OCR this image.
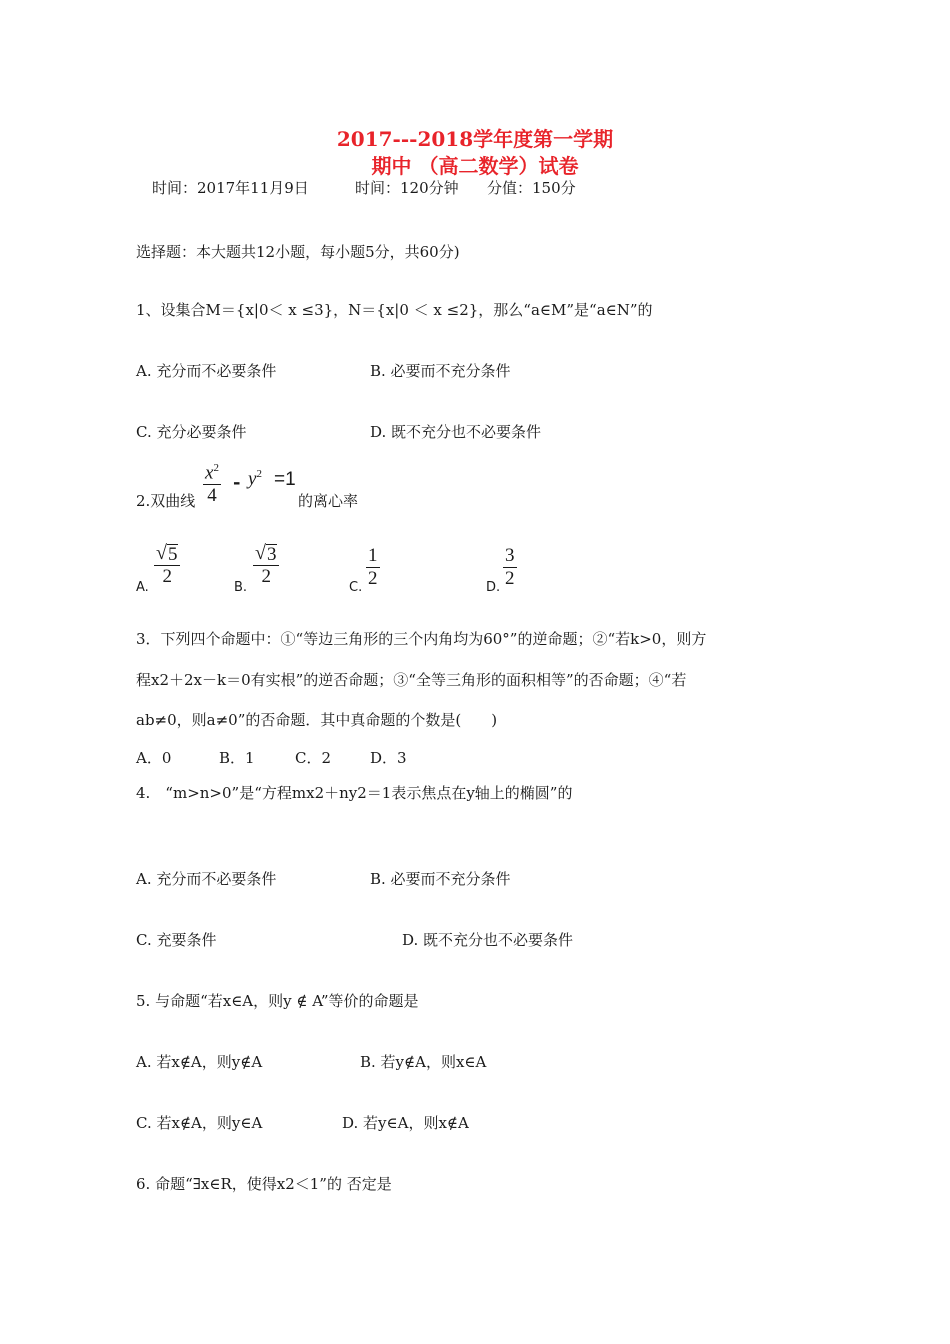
2017---2018学年度第一学期
期中 （高二数学）试卷
时间：2017年11月9日	时间：120分钟 分值：150分
选择题：本大题共12小题，每小题5分，共60分)
1、设集合M＝{x|0＜ x ≤3}，N＝{x|0 ＜ x ≤2}，那么“a∈M”是“a∈N”的
A. 充分而不必要条件	B. 必要而不充分条件
C. 充分必要条件	D. 既不充分也不必要条件
2.双曲线
$x^2$
4
- $y^2 =1$
的离心率
A.
√ 5
2
B.
√ 3
2
C.
1
2	D.
3
2
3．下列四个命题中：①“等边三角形的三个内角均为60°”的逆命题；②“若k>0，则方
程x2＋2x－k＝0有实根”的逆否命题；③“全等三角形的面积相等”的否命题；④“若
ab≠0，则a≠0”的否命题．其中真命题的个数是(　　)
A．0	B．1	C．2	D．3
4.　“m>n>0”是“方程mx2＋ny2＝1表示焦点在y轴上的椭圆”的
A. 充分而不必要条件	B. 必要而不充分条件
C. 充要条件	D. 既不充分也不必要条件
5. 与命题“若x∈A，则y ∉ A”等价的命题是
A. 若x∉A，则y∉A	B. 若y∉A，则x∈A
C. 若x∉A，则y∈A	D. 若y∈A，则x∉A
6. 命题“∃x∈R，使得x2＜1”的 否定是
